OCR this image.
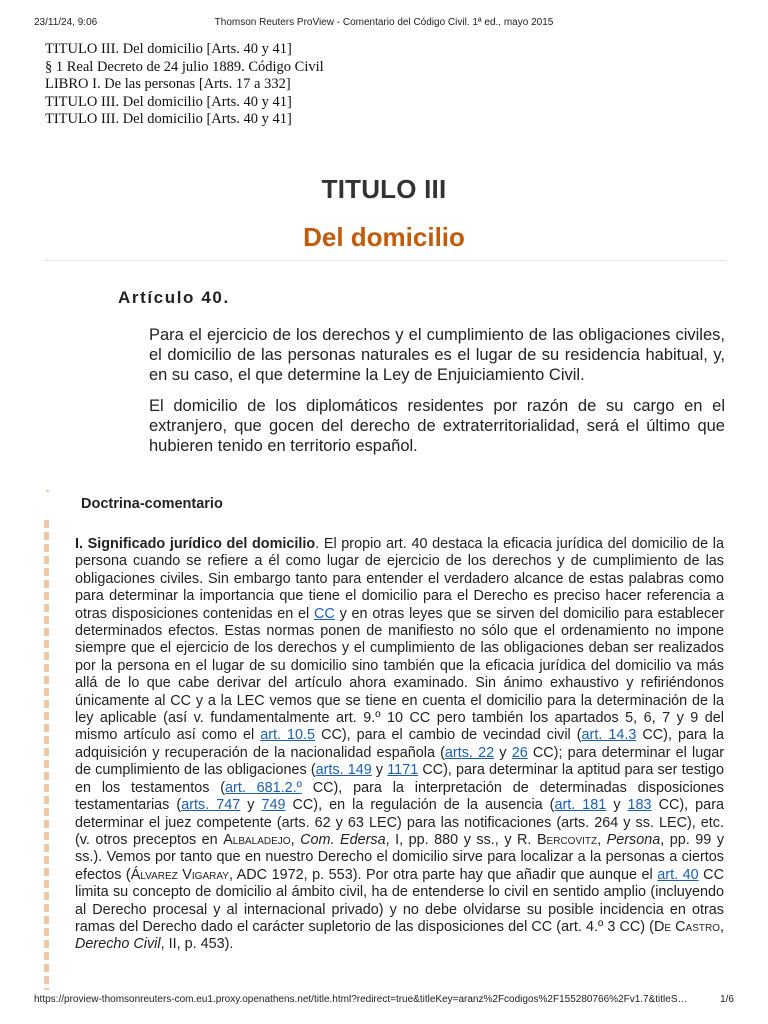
23/11/24, 9:06	Thomson Reuters ProView - Comentario del Código Civil. 1ª ed., mayo 2015
TITULO III. Del domicilio [Arts. 40 y 41]
§ 1 Real Decreto de 24 julio 1889. Código Civil
LIBRO I. De las personas [Arts. 17 a 332]
TITULO III. Del domicilio [Arts. 40 y 41]
TITULO III. Del domicilio [Arts. 40 y 41]
TITULO III
Del domicilio
Artículo 40.

Para el ejercicio de los derechos y el cumplimiento de las obligaciones civiles, el domicilio de las personas naturales es el lugar de su residencia habitual, y, en su caso, el que determine la Ley de Enjuiciamiento Civil.

El domicilio de los diplomáticos residentes por razón de su cargo en el extranjero, que gocen del derecho de extraterritorialidad, será el último que hubieren tenido en territorio español.

Doctrina-comentario
I. Significado jurídico del domicilio. El propio art. 40 destaca la eficacia jurídica del domicilio de la persona cuando se refiere a él como lugar de ejercicio de los derechos y de cumplimiento de las obligaciones civiles. Sin embargo tanto para entender el verdadero alcance de estas palabras como para determinar la importancia que tiene el domicilio para el Derecho es preciso hacer referencia a otras disposiciones contenidas en el CC y en otras leyes que se sirven del domicilio para establecer determinados efectos. Estas normas ponen de manifiesto no sólo que el ordenamiento no impone siempre que el ejercicio de los derechos y el cumplimiento de las obligaciones deban ser realizados por la persona en el lugar de su domicilio sino también que la eficacia jurídica del domicilio va más allá de lo que cabe derivar del artículo ahora examinado. Sin ánimo exhaustivo y refiriéndonos únicamente al CC y a la LEC vemos que se tiene en cuenta el domicilio para la determinación de la ley aplicable (así v. fundamentalmente art. 9.º 10 CC pero también los apartados 5, 6, 7 y 9 del mismo artículo así como el art. 10.5 CC), para el cambio de vecindad civil (art. 14.3 CC), para la adquisición y recuperación de la nacionalidad española (arts. 22 y 26 CC); para determinar el lugar de cumplimiento de las obligaciones (arts. 149 y 1171 CC), para determinar la aptitud para ser testigo en los testamentos (art. 681.2.º CC), para la interpretación de determinadas disposiciones testamentarias (arts. 747 y 749 CC), en la regulación de la ausencia (art. 181 y 183 CC), para determinar el juez competente (arts. 62 y 63 LEC) para las notificaciones (arts. 264 y ss. LEC), etc. (v. otros preceptos en Albaladejo, Com. Edersa, I, pp. 880 y ss., y R. Bercovitz, Persona, pp. 99 y ss.). Vemos por tanto que en nuestro Derecho el domicilio sirve para localizar a la personas a ciertos efectos (Álvarez Vigaray, ADC 1972, p. 553). Por otra parte hay que añadir que aunque el art. 40 CC limita su concepto de domicilio al ámbito civil, ha de entenderse lo civil en sentido amplio (incluyendo al Derecho procesal y al internacional privado) y no debe olvidarse su posible incidencia en otras ramas del Derecho dado el carácter supletorio de las disposiciones del CC (art. 4.º 3 CC) (De Castro, Derecho Civil, II, p. 453).
https://proview-thomsonreuters-com.eu1.proxy.openathens.net/title.html?redirect=true&titleKey=aranz%2Fcodigos%2F155280766%2Fv1.7&titleS…	1/6
